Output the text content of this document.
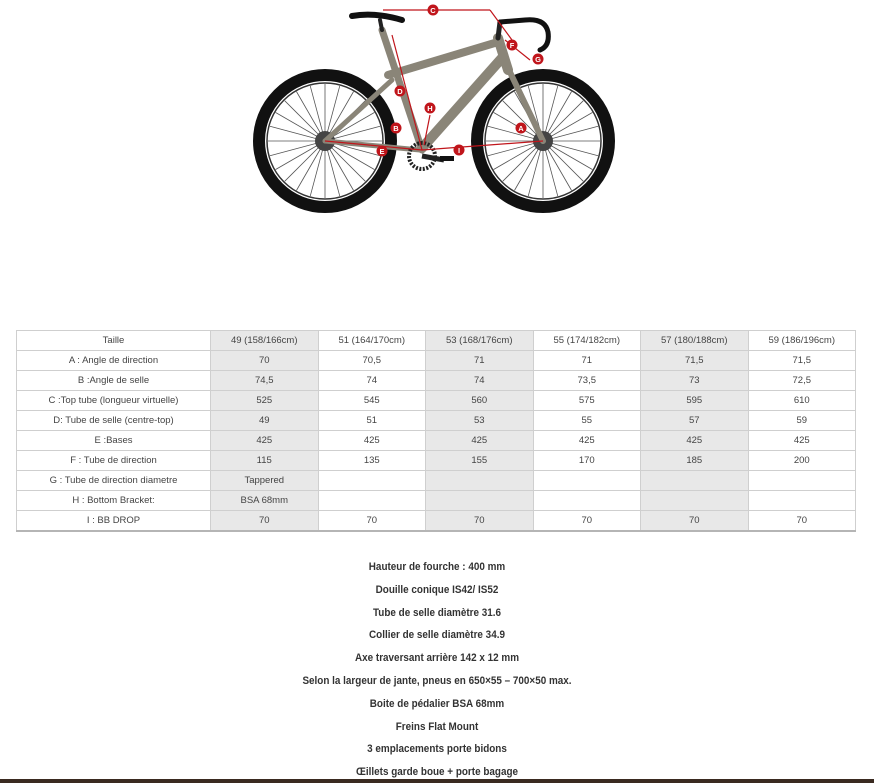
A
B
C
D
E
F
G
H
I
Taille	49 (158/166cm)	51 (164/170cm)	53 (168/176cm)	55 (174/182cm)	57 (180/188cm)	59 (186/196cm)
A : Angle de direction	70	70,5	71	71	71,5	71,5
B :Angle de selle	74,5	74	74	73,5	73	72,5
C :Top tube (longueur virtuelle)	525	545	560	575	595	610
D: Tube de selle (centre-top)	49	51	53	55	57	59
E :Bases	425	425	425	425	425	425
F : Tube de direction	115	135	155	170	185	200
G : Tube de direction diametre	Tappered					
H : Bottom Bracket:	BSA 68mm					
I : BB DROP	70	70	70	70	70	70
Hauteur de fourche : 400 mm
Douille conique IS42/ IS52
Tube de selle diamètre 31.6
Collier de selle diamètre 34.9
Axe traversant arrière 142 x 12 mm
Selon la largeur de jante, pneus en 650×55 – 700×50 max.
Boite de pédalier BSA 68mm
Freins Flat Mount
3 emplacements porte bidons
Œillets garde boue + porte bagage
